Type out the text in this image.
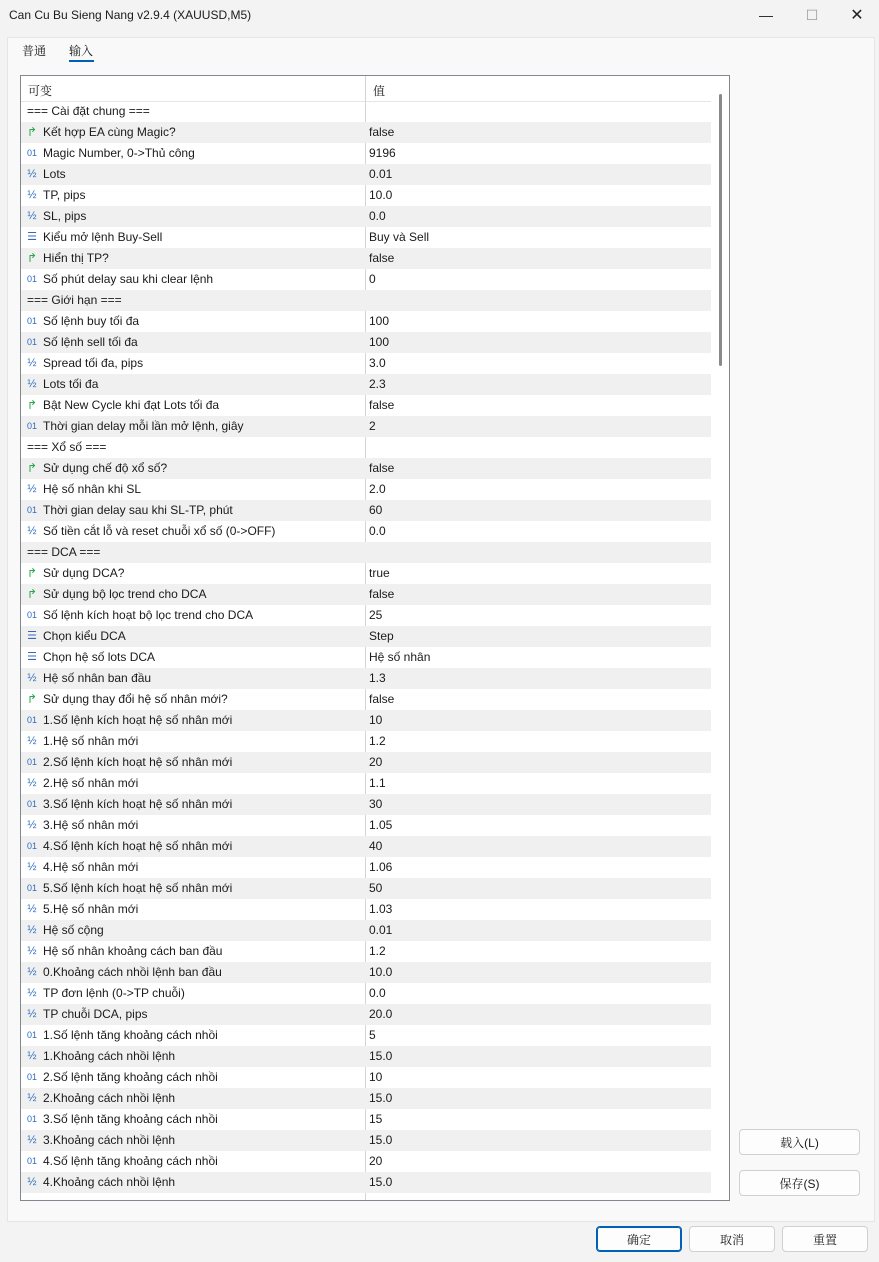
Can Cu Bu Sieng Nang v2.9.4 (XAUUSD,M5)	—	☐	✕
普通 输入
可变	值
=== Cài đặt chung ===
↱ Kết hợp EA cùng Magic?	false
01 Magic Number, 0->Thủ công	9196
½ Lots	0.01
½ TP, pips	10.0
½ SL, pips	0.0
☰ Kiểu mở lệnh Buy-Sell	Buy và Sell
↱ Hiển thị TP?	false
01 Số phút delay sau khi clear lệnh	0
=== Giới hạn ===
01 Số lệnh buy tối đa	100
01 Số lệnh sell tối đa	100
½ Spread tối đa, pips	3.0
½ Lots tối đa	2.3
↱ Bật New Cycle khi đạt Lots tối đa	false
01 Thời gian delay mỗi lần mở lệnh, giây	2
=== Xổ số ===
↱ Sử dụng chế độ xổ số?	false
½ Hệ số nhân khi SL	2.0
01 Thời gian delay sau khi SL-TP, phút	60
½ Số tiền cắt lỗ và reset chuỗi xổ số (0->OFF)	0.0
=== DCA ===
↱ Sử dụng DCA?	true
↱ Sử dụng bộ lọc trend cho DCA	false
01 Số lệnh kích hoạt bộ lọc trend cho DCA	25
☰ Chọn kiểu DCA	Step
☰ Chọn hệ số lots DCA	Hệ số nhân
½ Hệ số nhân ban đầu	1.3
↱ Sử dụng thay đổi hệ số nhân mới?	false
01 1.Số lệnh kích hoạt hệ số nhân mới	10
½ 1.Hệ số nhân mới	1.2
01 2.Số lệnh kích hoạt hệ số nhân mới	20
½ 2.Hệ số nhân mới	1.1
01 3.Số lệnh kích hoạt hệ số nhân mới	30
½ 3.Hệ số nhân mới	1.05
01 4.Số lệnh kích hoạt hệ số nhân mới	40
½ 4.Hệ số nhân mới	1.06
01 5.Số lệnh kích hoạt hệ số nhân mới	50
½ 5.Hệ số nhân mới	1.03
½ Hệ số cộng	0.01
½ Hệ số nhân khoảng cách ban đầu	1.2
½ 0.Khoảng cách nhồi lệnh ban đầu	10.0
½ TP đơn lệnh (0->TP chuỗi)	0.0
½ TP chuỗi DCA, pips	20.0
01 1.Số lệnh tăng khoảng cách nhồi	5
½ 1.Khoảng cách nhồi lệnh	15.0
01 2.Số lệnh tăng khoảng cách nhồi	10
½ 2.Khoảng cách nhồi lệnh	15.0
01 3.Số lệnh tăng khoảng cách nhồi	15
½ 3.Khoảng cách nhồi lệnh	15.0
01 4.Số lệnh tăng khoảng cách nhồi	20
½ 4.Khoảng cách nhồi lệnh	15.0
载入(L)
保存(S)
确定	取消	重置
